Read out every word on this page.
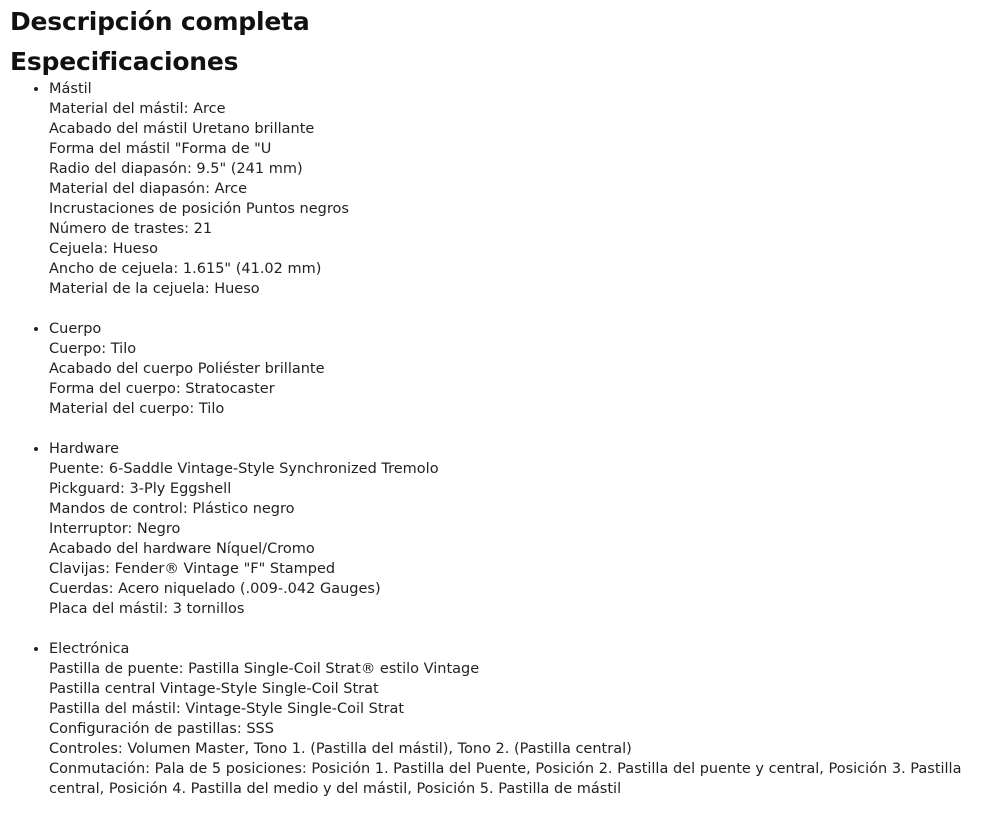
Descripción completa
Especificaciones
• Mástil
Material del mástil: Arce
Acabado del mástil Uretano brillante
Forma del mástil "Forma de "U
Radio del diapasón: 9.5" (241 mm)
Material del diapasón: Arce
Incrustaciones de posición Puntos negros
Número de trastes: 21
Cejuela: Hueso
Ancho de cejuela: 1.615" (41.02 mm)
Material de la cejuela: Hueso
• Cuerpo
Cuerpo: Tilo
Acabado del cuerpo Poliéster brillante
Forma del cuerpo: Stratocaster
Material del cuerpo: Tilo
• Hardware
Puente: 6-Saddle Vintage-Style Synchronized Tremolo
Pickguard: 3-Ply Eggshell
Mandos de control: Plástico negro
Interruptor: Negro
Acabado del hardware Níquel/Cromo
Clavijas: Fender® Vintage "F" Stamped
Cuerdas: Acero niquelado (.009-.042 Gauges)
Placa del mástil: 3 tornillos
• Electrónica
Pastilla de puente: Pastilla Single-Coil Strat® estilo Vintage
Pastilla central Vintage-Style Single-Coil Strat
Pastilla del mástil: Vintage-Style Single-Coil Strat
Configuración de pastillas: SSS
Controles: Volumen Master, Tono 1. (Pastilla del mástil), Tono 2. (Pastilla central)
Conmutación: Pala de 5 posiciones: Posición 1. Pastilla del Puente, Posición 2. Pastilla del puente y central, Posición 3. Pastilla central, Posición 4. Pastilla del medio y del mástil, Posición 5. Pastilla de mástil
